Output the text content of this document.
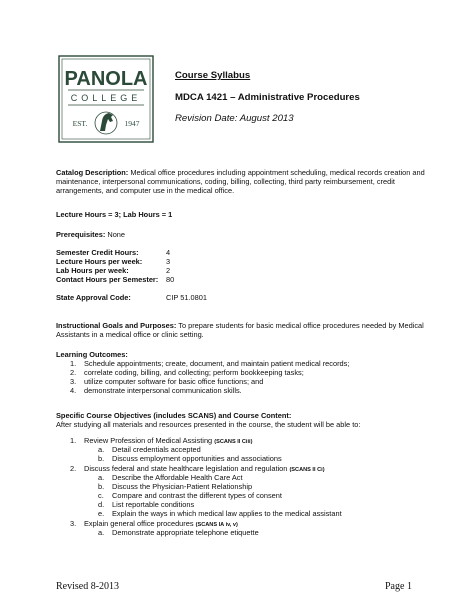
PANOLA
COLLEGE
EST.	1947
Course Syllabus
MDCA 1421 – Administrative Procedures
Revision Date: August 2013
Catalog Description: Medical office procedures including appointment scheduling, medical records creation and maintenance, interpersonal communications, coding, billing, collecting, third party reimbursement, credit arrangements, and computer use in the medical office.
Lecture Hours = 3; Lab Hours = 1
Prerequisites: None
Semester Credit Hours:	4
Lecture Hours per week:	3
Lab Hours per week:	2
Contact Hours per Semester: 80
State Approval Code:	CIP 51.0801
Instructional Goals and Purposes: To prepare students for basic medical office procedures needed by Medical Assistants in a medical office or clinic setting.
Learning Outcomes:
1. Schedule appointments; create, document, and maintain patient medical records;
2. correlate coding, billing, and collecting; perform bookkeeping tasks;
3. utilize computer software for basic office functions; and
4. demonstrate interpersonal communication skills.
Specific Course Objectives (includes SCANS) and Course Content:
After studying all materials and resources presented in the course, the student will be able to:
1. Review Profession of Medical Assisting (SCANS II Ciii)
a. Detail credentials accepted
b. Discuss employment opportunities and associations
2. Discuss federal and state healthcare legislation and regulation (SCANS II Ci)
a. Describe the Affordable Health Care Act
b. Discuss the Physician-Patient Relationship
c. Compare and contrast the different types of consent
d. List reportable conditions
e. Explain the ways in which medical law applies to the medical assistant
3. Explain general office procedures (SCANS IA iv, v)
a. Demonstrate appropriate telephone etiquette
Revised 8-2013	Page 1
